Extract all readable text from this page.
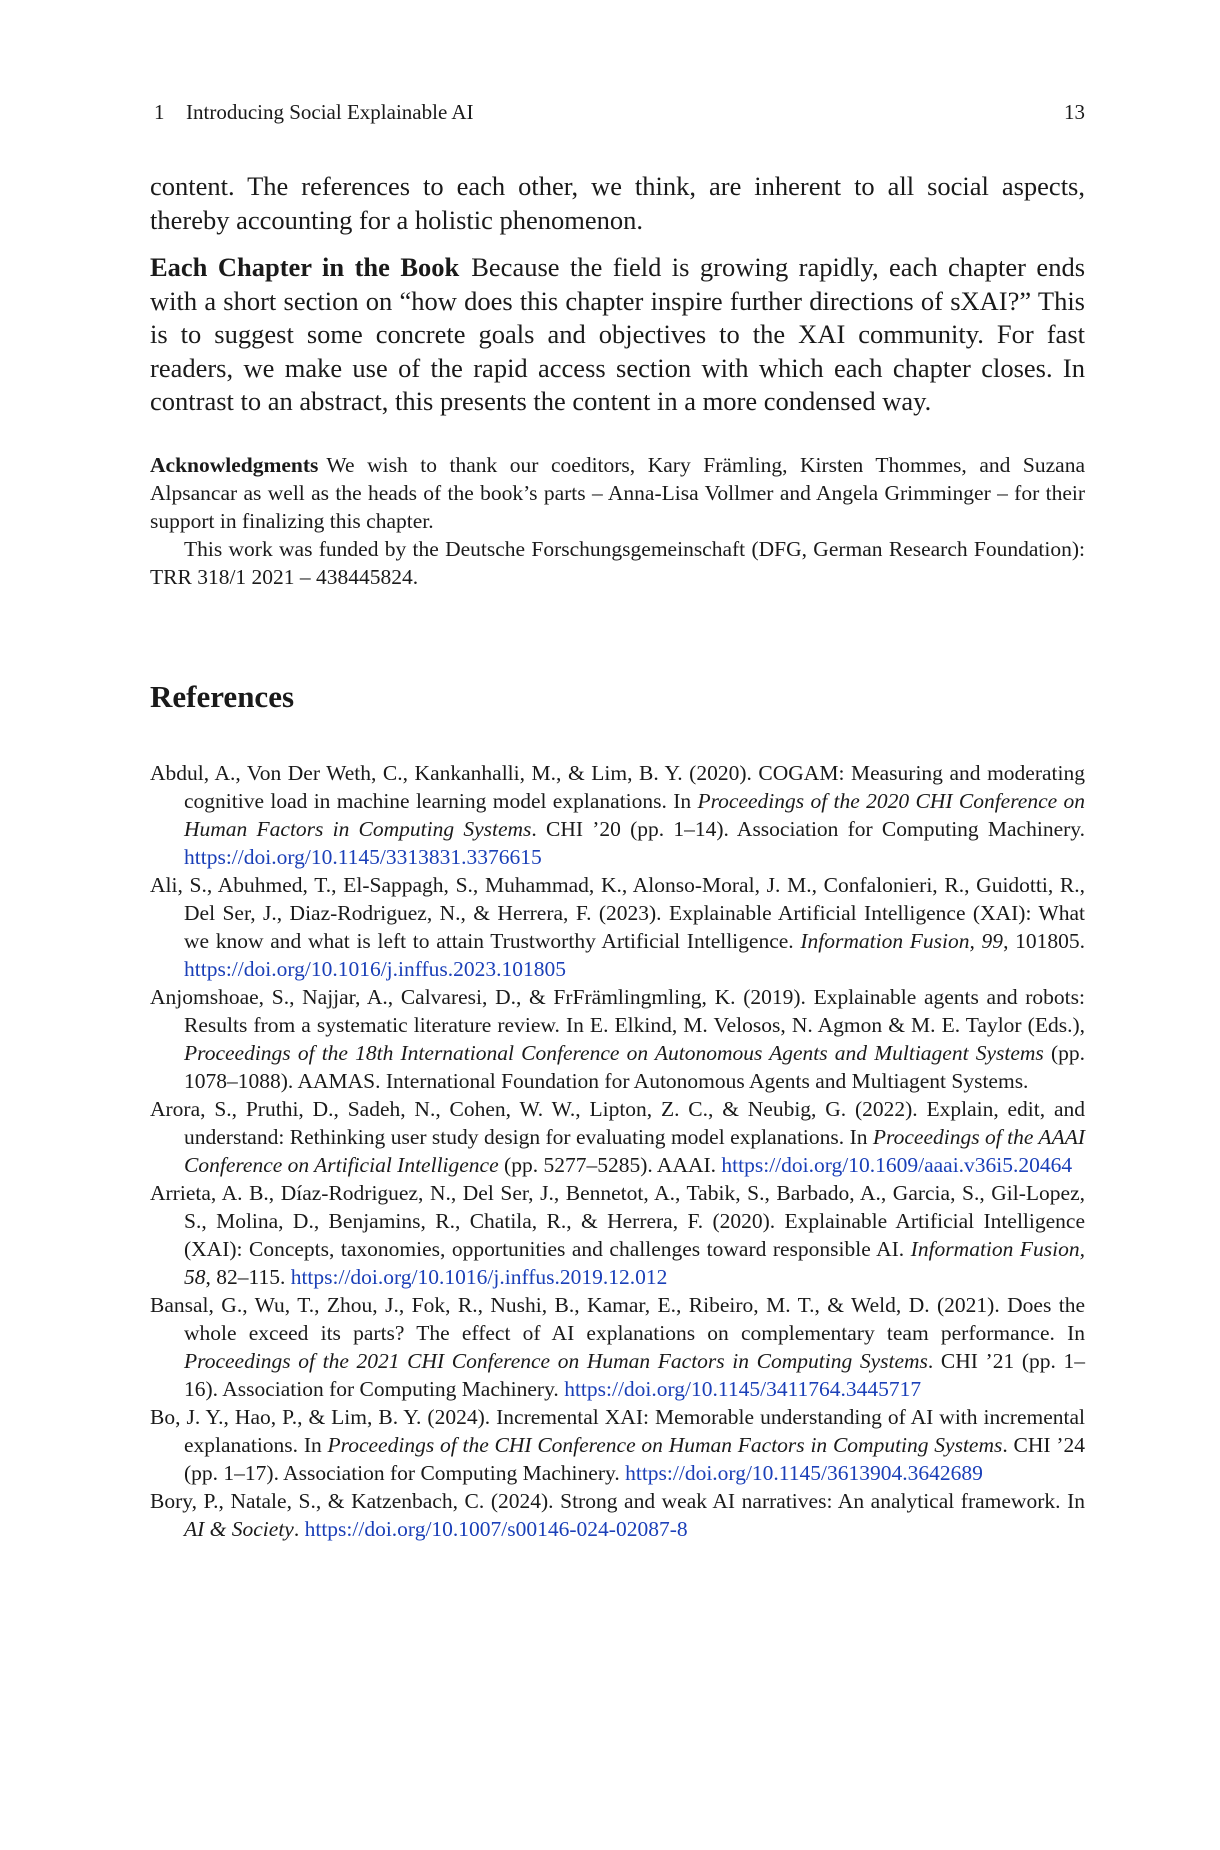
1 Introducing Social Explainable AI	13

content. The references to each other, we think, are inherent to all social aspects, thereby accounting for a holistic phenomenon.

Each Chapter in the Book Because the field is growing rapidly, each chapter ends with a short section on “how does this chapter inspire further directions of sXAI?” This is to suggest some concrete goals and objectives to the XAI community. For fast readers, we make use of the rapid access section with which each chapter closes. In contrast to an abstract, this presents the content in a more condensed way.

Acknowledgments We wish to thank our coeditors, Kary Främling, Kirsten Thommes, and Suzana Alpsancar as well as the heads of the book’s parts – Anna-Lisa Vollmer and Angela Grimminger – for their support in finalizing this chapter.

This work was funded by the Deutsche Forschungsgemeinschaft (DFG, German Research Foundation): TRR 318/1 2021 – 438445824.

References

Abdul, A., Von Der Weth, C., Kankanhalli, M., & Lim, B. Y. (2020). COGAM: Measuring and moderating cognitive load in machine learning model explanations. In Proceedings of the 2020 CHI Conference on Human Factors in Computing Systems. CHI ’20 (pp. 1–14). Association for Computing Machinery. https://doi.org/10.1145/3313831.3376615

Ali, S., Abuhmed, T., El-Sappagh, S., Muhammad, K., Alonso-Moral, J. M., Confalonieri, R., Guidotti, R., Del Ser, J., Diaz-Rodriguez, N., & Herrera, F. (2023). Explainable Artificial Intelligence (XAI): What we know and what is left to attain Trustworthy Artificial Intelligence. Information Fusion, 99, 101805. https://doi.org/10.1016/j.inffus.2023.101805

Anjomshoae, S., Najjar, A., Calvaresi, D., & FrFrämlingmling, K. (2019). Explainable agents and robots: Results from a systematic literature review. In E. Elkind, M. Velosos, N. Agmon & M. E. Taylor (Eds.), Proceedings of the 18th International Conference on Autonomous Agents and Multiagent Systems (pp. 1078–1088). AAMAS. International Foundation for Autonomous Agents and Multiagent Systems.

Arora, S., Pruthi, D., Sadeh, N., Cohen, W. W., Lipton, Z. C., & Neubig, G. (2022). Explain, edit, and understand: Rethinking user study design for evaluating model explanations. In Proceedings of the AAAI Conference on Artificial Intelligence (pp. 5277–5285). AAAI. https://doi.org/10.1609/aaai.v36i5.20464

Arrieta, A. B., Díaz-Rodriguez, N., Del Ser, J., Bennetot, A., Tabik, S., Barbado, A., Garcia, S., Gil-Lopez, S., Molina, D., Benjamins, R., Chatila, R., & Herrera, F. (2020). Explainable Artificial Intelligence (XAI): Concepts, taxonomies, opportunities and challenges toward responsible AI. Information Fusion, 58, 82–115. https://doi.org/10.1016/j.inffus.2019.12.012

Bansal, G., Wu, T., Zhou, J., Fok, R., Nushi, B., Kamar, E., Ribeiro, M. T., & Weld, D. (2021). Does the whole exceed its parts? The effect of AI explanations on complementary team performance. In Proceedings of the 2021 CHI Conference on Human Factors in Computing Systems. CHI ’21 (pp. 1–16). Association for Computing Machinery. https://doi.org/10.1145/3411764.3445717

Bo, J. Y., Hao, P., & Lim, B. Y. (2024). Incremental XAI: Memorable understanding of AI with incremental explanations. In Proceedings of the CHI Conference on Human Factors in Computing Systems. CHI ’24 (pp. 1–17). Association for Computing Machinery. https://doi.org/10.1145/3613904.3642689

Bory, P., Natale, S., & Katzenbach, C. (2024). Strong and weak AI narratives: An analytical framework. In AI & Society. https://doi.org/10.1007/s00146-024-02087-8
